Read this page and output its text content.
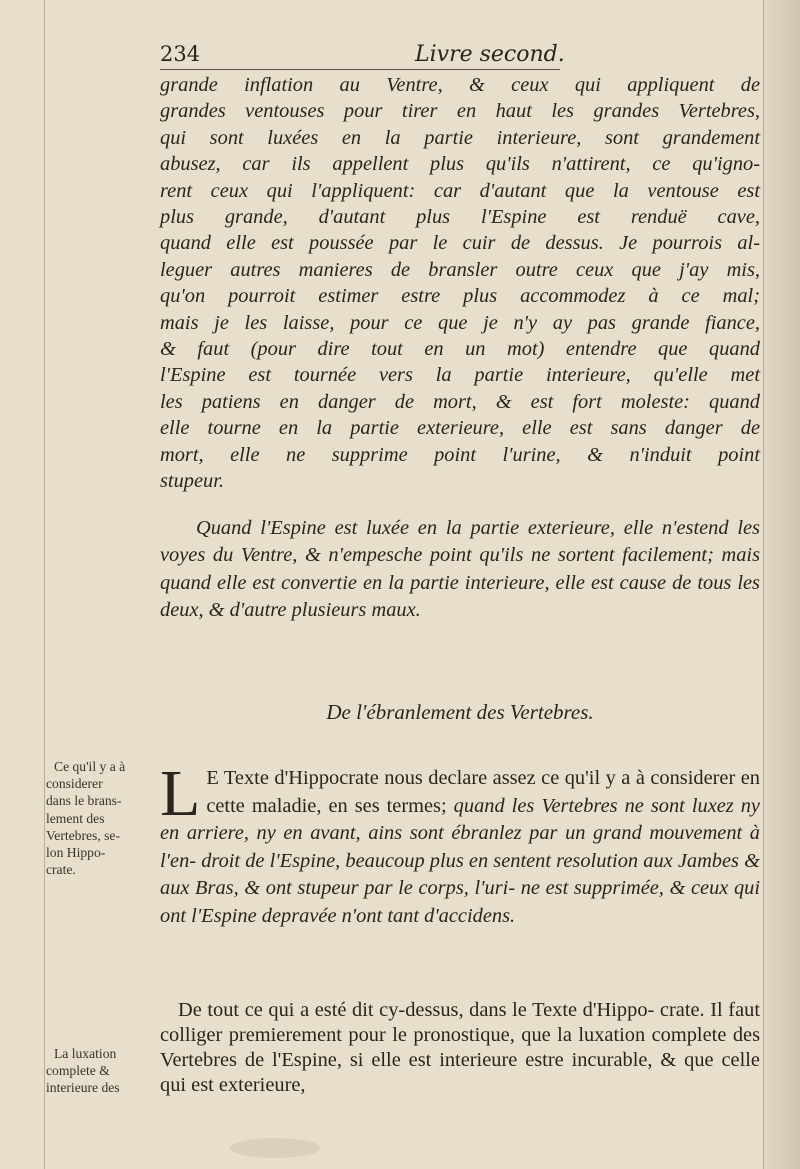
234	Livre second.
grande inflation au Ventre, & ceux qui appliquent de
grandes ventouses pour tirer en haut les grandes Vertebres,
qui sont luxées en la partie interieure, sont grandement
abusez, car ils appellent plus qu'ils n'attirent, ce qu'igno-
rent ceux qui l'appliquent: car d'autant que la ventouse est
plus grande, d'autant plus l'Espine est renduë cave,
quand elle est poussée par le cuir de dessus. Je pourrois al-
leguer autres manieres de bransler outre ceux que j'ay mis,
qu'on pourroit estimer estre plus accommodez à ce mal;
mais je les laisse, pour ce que je n'y ay pas grande fiance,
& faut (pour dire tout en un mot) entendre que quand
l'Espine est tournée vers la partie interieure, qu'elle met
les patiens en danger de mort, & est fort moleste: quand
elle tourne en la partie exterieure, elle est sans danger de
mort, elle ne supprime point l'urine, & n'induit point
stupeur.
Quand l'Espine est luxée en la partie exterieure, elle n'estend les voyes du Ventre, & n'empesche point qu'ils ne sortent facilement; mais quand elle est convertie en la partie interieure, elle est cause de tous les deux, & d'autre plusieurs maux.
De l'ébranlement des Vertebres.
L E Texte d'Hippocrate nous declare assez ce qu'il y a à considerer en cette maladie, en ses termes; quand les Vertebres ne sont luxez ny en arriere, ny en avant, ains sont ébranlez par un grand mouvement à l'en- droit de l'Espine, beaucoup plus en sentent resolution aux Jambes & aux Bras, & ont stupeur par le corps, l'uri- ne est supprimée, & ceux qui ont l'Espine depravée n'ont tant d'accidens.
De tout ce qui a esté dit cy-dessus, dans le Texte d'Hippo- crate. Il faut colliger premierement pour le pronostique, que la luxation complete des Vertebres de l'Espine, si elle est interieure estre incurable, & que celle qui est exterieure,
Ce qu'il y a à
considerer
dans le brans-
lement des
Vertebres, se-
lon Hippo-
crate.
La luxation
complete &
interieure des
